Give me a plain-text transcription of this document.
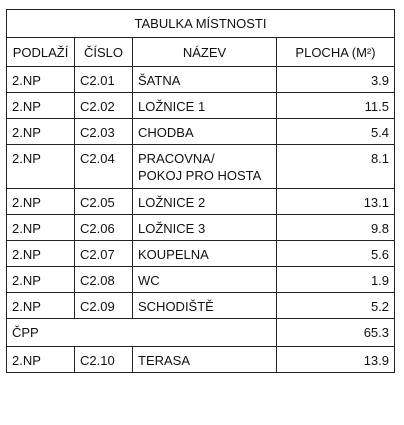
TABULKA MÍSTNOSTI			
PODLAŽÍ	ČÍSLO	NÁZEV	PLOCHA (M²)
2.NP	C2.01	ŠATNA	3.9
2.NP	C2.02	LOŽNICE 1	11.5
2.NP	C2.03	CHODBA	5.4
2.NP	C2.04	PRACOVNA/
POKOJ PRO HOSTA	8.1
2.NP	C2.05	LOŽNICE 2	13.1
2.NP	C2.06	LOŽNICE 3	9.8
2.NP	C2.07	KOUPELNA	5.6
2.NP	C2.08	WC	1.9
2.NP	C2.09	SCHODIŠTĚ	5.2
ČPP			65.3
2.NP	C2.10	TERASA	13.9
